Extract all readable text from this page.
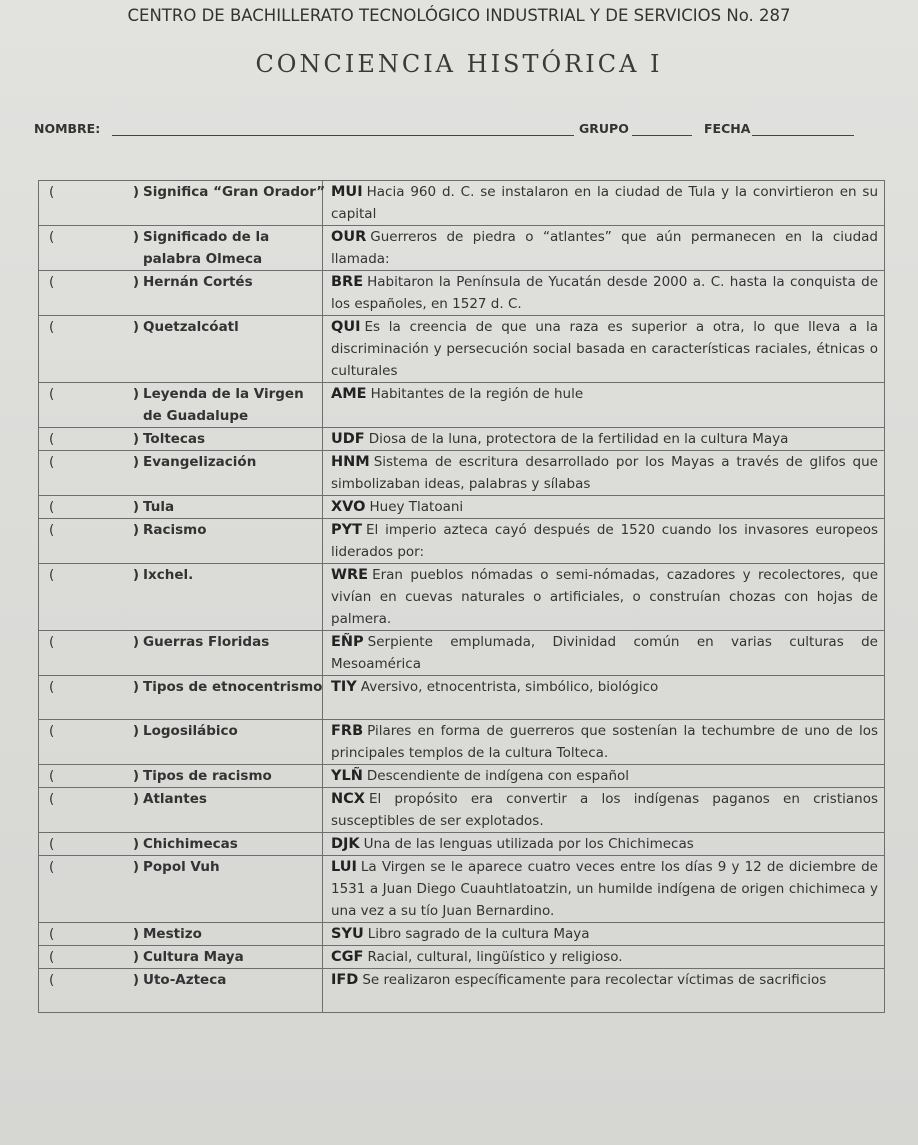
CENTRO DE BACHILLERATO TECNOLÓGICO INDUSTRIAL Y DE SERVICIOS No. 287
CONCIENCIA HISTÓRICA I
NOMBRE:	GRUPO	FECHA
( ) Significa “Gran Orador”	MUI Hacia 960 d. C. se instalaron en la ciudad de Tula y la convirtieron en su capital

( ) Significado de la palabra Olmeca	OUR Guerreros de piedra o “atlantes” que aún permanecen en la ciudad llamada:

( ) Hernán Cortés	BRE Habitaron la Península de Yucatán desde 2000 a. C. hasta la conquista de los españoles, en 1527 d. C.

( ) Quetzalcóatl	QUI Es la creencia de que una raza es superior a otra, lo que lleva a la discriminación y persecución social basada en características raciales, étnicas o culturales

( ) Leyenda de la Virgen de Guadalupe	AME Habitantes de la región de hule

( ) Toltecas	UDF Diosa de la luna, protectora de la fertilidad en la cultura Maya

( ) Evangelización	HNM Sistema de escritura desarrollado por los Mayas a través de glifos que simbolizaban ideas, palabras y sílabas

( ) Tula	XVO Huey Tlatoani

( ) Racismo	PYT El imperio azteca cayó después de 1520 cuando los invasores europeos liderados por:

( ) Ixchel.	WRE Eran pueblos nómadas o semi-nómadas, cazadores y recolectores, que vivían en cuevas naturales o artificiales, o construían chozas con hojas de palmera.

( ) Guerras Floridas	EÑP Serpiente emplumada, Divinidad común en varias culturas de Mesoamérica

( ) Tipos de etnocentrismo	TIY Aversivo, etnocentrista, simbólico, biológico

( ) Logosilábico	FRB Pilares en forma de guerreros que sostenían la techumbre de uno de los principales templos de la cultura Tolteca.

( ) Tipos de racismo	YLÑ Descendiente de indígena con español

( ) Atlantes	NCX El propósito era convertir a los indígenas paganos en cristianos susceptibles de ser explotados.

( ) Chichimecas	DJK Una de las lenguas utilizada por los Chichimecas

( ) Popol Vuh	LUI La Virgen se le aparece cuatro veces entre los días 9 y 12 de diciembre de 1531 a Juan Diego Cuauhtlatoatzin, un humilde indígena de origen chichimeca y una vez a su tío Juan Bernardino.

( ) Mestizo	SYU Libro sagrado de la cultura Maya

( ) Cultura Maya	CGF Racial, cultural, lingüístico y religioso.

( ) Uto-Azteca	IFD Se realizaron específicamente para recolectar víctimas de sacrificios
